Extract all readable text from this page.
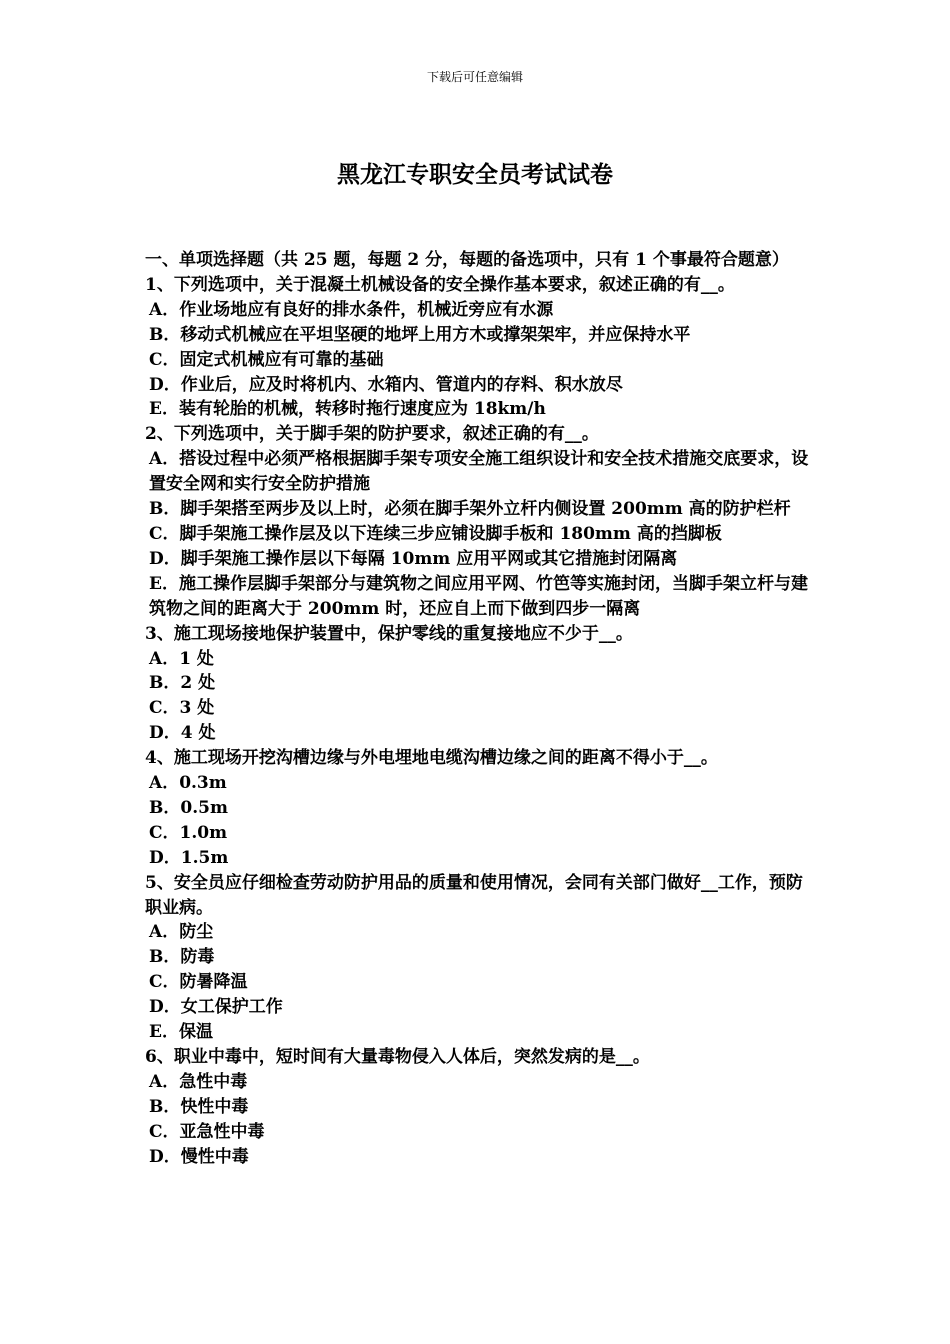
下载后可任意编辑
黑龙江专职安全员考试试卷
一、单项选择题（共 25 题，每题 2 分，每题的备选项中，只有 1 个事最符合题意）
1、下列选项中，关于混凝土机械设备的安全操作基本要求，叙述正确的有__。
A．作业场地应有良好的排水条件，机械近旁应有水源
B．移动式机械应在平坦坚硬的地坪上用方木或撑架架牢，并应保持水平
C．固定式机械应有可靠的基础
D．作业后，应及时将机内、水箱内、管道内的存料、积水放尽
E．装有轮胎的机械，转移时拖行速度应为 18km/h
2、下列选项中，关于脚手架的防护要求，叙述正确的有__。
A．搭设过程中必须严格根据脚手架专项安全施工组织设计和安全技术措施交底要求，设置安全网和实行安全防护措施
B．脚手架搭至两步及以上时，必须在脚手架外立杆内侧设置 200mm 高的防护栏杆
C．脚手架施工操作层及以下连续三步应铺设脚手板和 180mm 高的挡脚板
D．脚手架施工操作层以下每隔 10mm 应用平网或其它措施封闭隔离
E．施工操作层脚手架部分与建筑物之间应用平网、竹笆等实施封闭，当脚手架立杆与建筑物之间的距离大于 200mm 时，还应自上而下做到四步一隔离
3、施工现场接地保护装置中，保护零线的重复接地应不少于__。
A．1 处
B．2 处
C．3 处
D．4 处
4、施工现场开挖沟槽边缘与外电埋地电缆沟槽边缘之间的距离不得小于__。
A．0.3m
B．0.5m
C．1.0m
D．1.5m
5、安全员应仔细检查劳动防护用品的质量和使用情况，会同有关部门做好__工作，预防职业病。
A．防尘
B．防毒
C．防暑降温
D．女工保护工作
E．保温
6、职业中毒中，短时间有大量毒物侵入人体后，突然发病的是__。
A．急性中毒
B．快性中毒
C．亚急性中毒
D．慢性中毒
